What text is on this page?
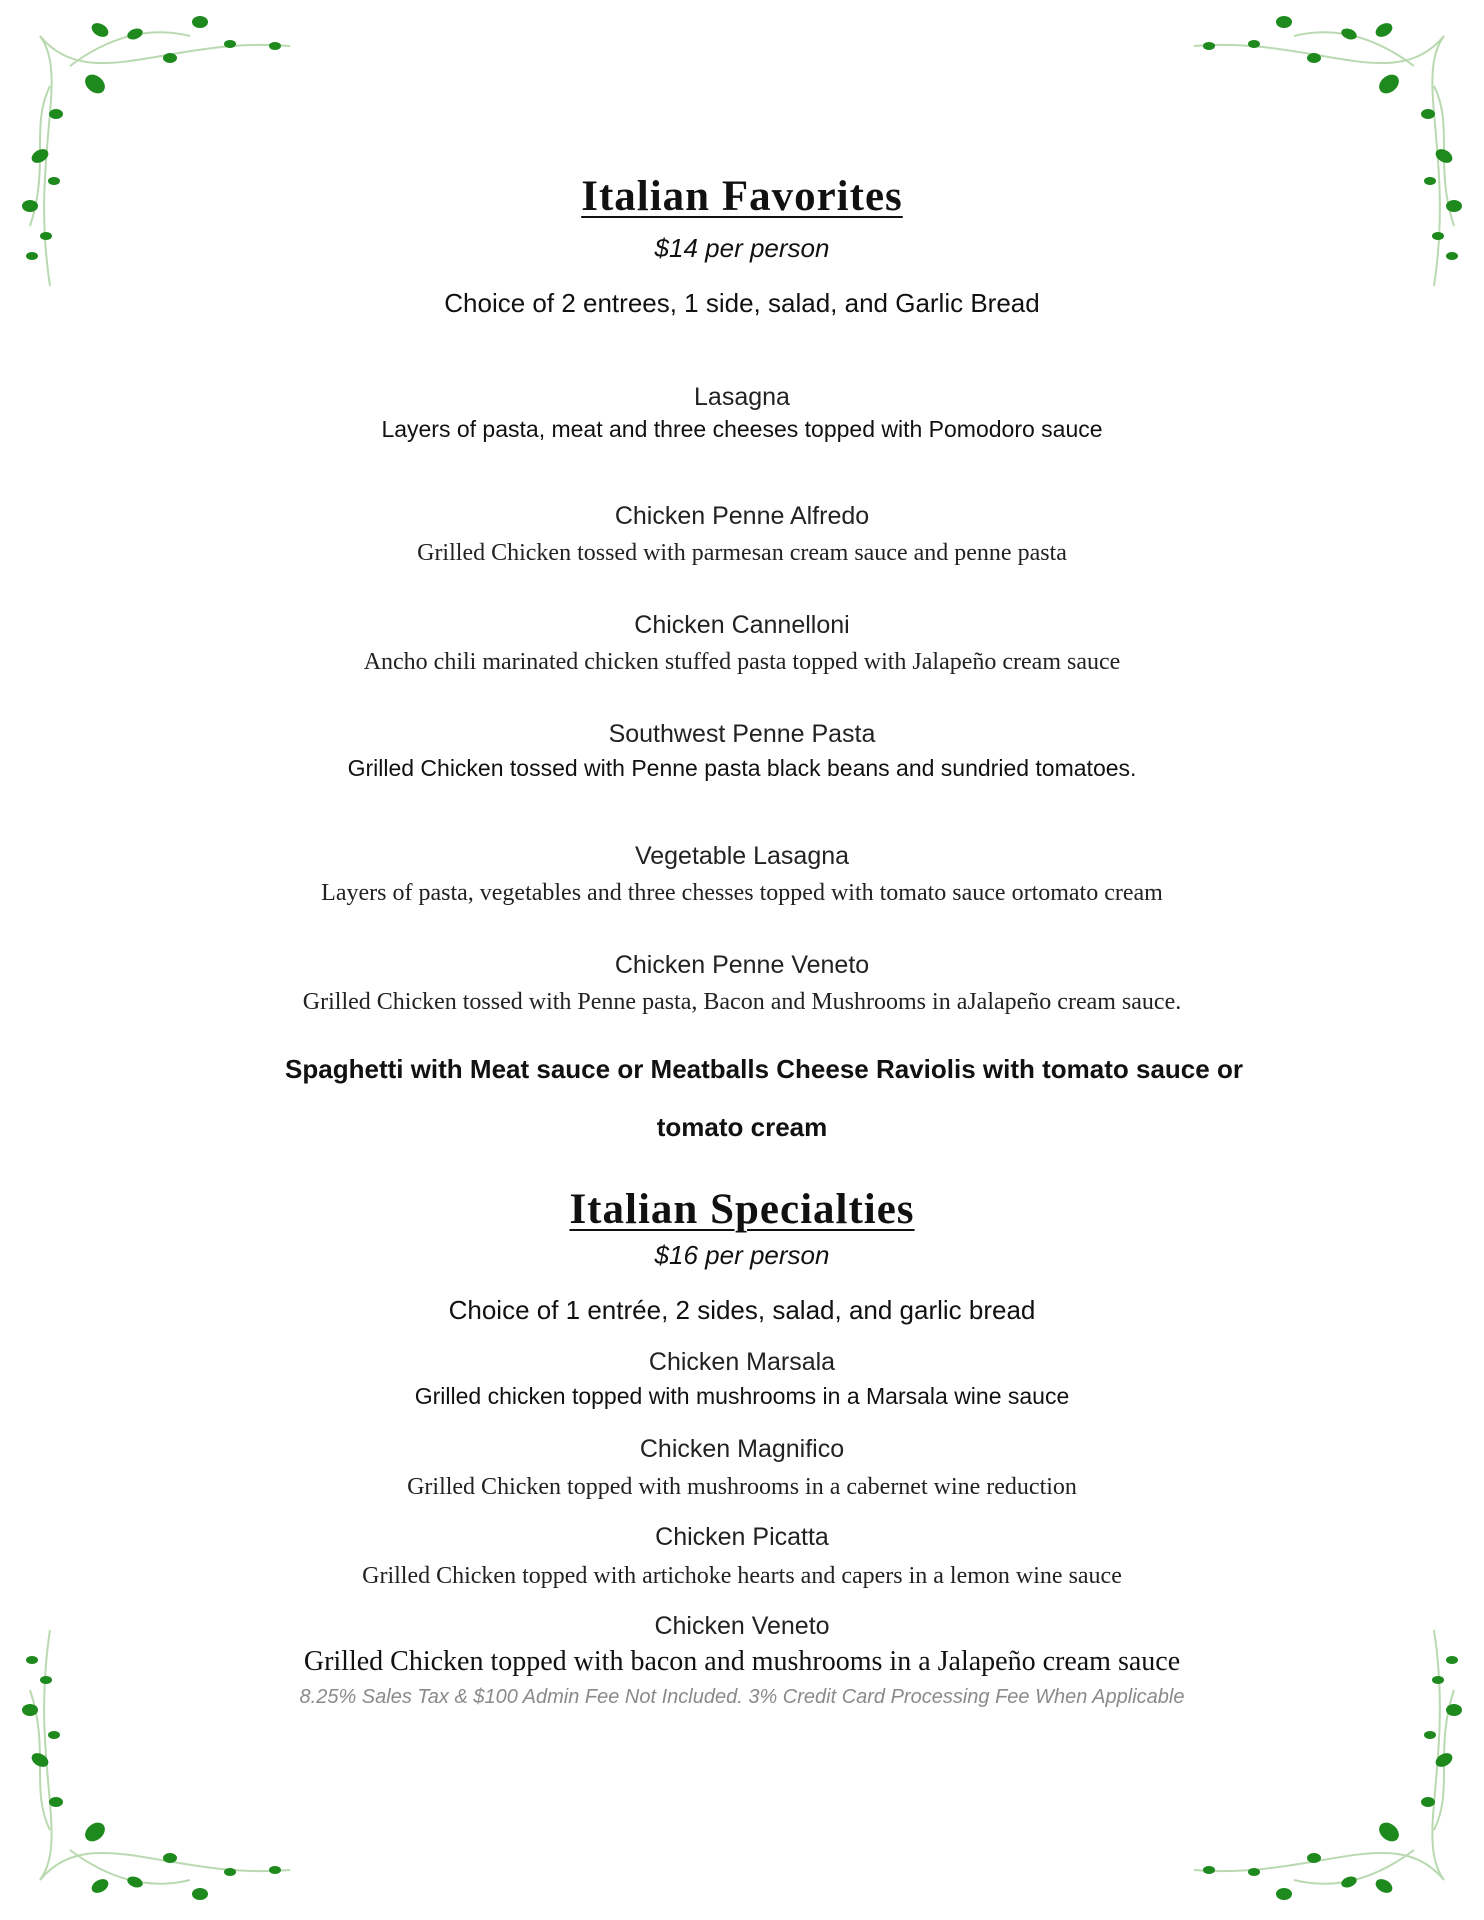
Italian Favorites
$14 per person
Choice of 2 entrees, 1 side, salad, and Garlic Bread
Lasagna
Layers of pasta, meat and three cheeses topped with Pomodoro sauce
Chicken Penne Alfredo
Grilled Chicken tossed with parmesan cream sauce and penne pasta
Chicken Cannelloni
Ancho chili marinated chicken stuffed pasta topped with Jalapeño cream sauce
Southwest Penne Pasta
Grilled Chicken tossed with Penne pasta black beans and sundried tomatoes.
Vegetable Lasagna
Layers of pasta, vegetables and three chesses topped with tomato sauce ortomato cream
Chicken Penne Veneto
Grilled Chicken tossed with Penne pasta, Bacon and Mushrooms in aJalapeño cream sauce.
Spaghetti with Meat sauce or Meatballs Cheese Raviolis with tomato sauce or
tomato cream
Italian Specialties
$16 per person
Choice of 1 entrée, 2 sides, salad, and garlic bread
Chicken Marsala
Grilled chicken topped with mushrooms in a Marsala wine sauce
Chicken Magnifico
Grilled Chicken topped with mushrooms in a cabernet wine reduction
Chicken Picatta
Grilled Chicken topped with artichoke hearts and capers in a lemon wine sauce
Chicken Veneto
Grilled Chicken topped with bacon and mushrooms in a Jalapeño cream sauce
8.25% Sales Tax & $100 Admin Fee Not Included. 3% Credit Card Processing Fee When Applicable
